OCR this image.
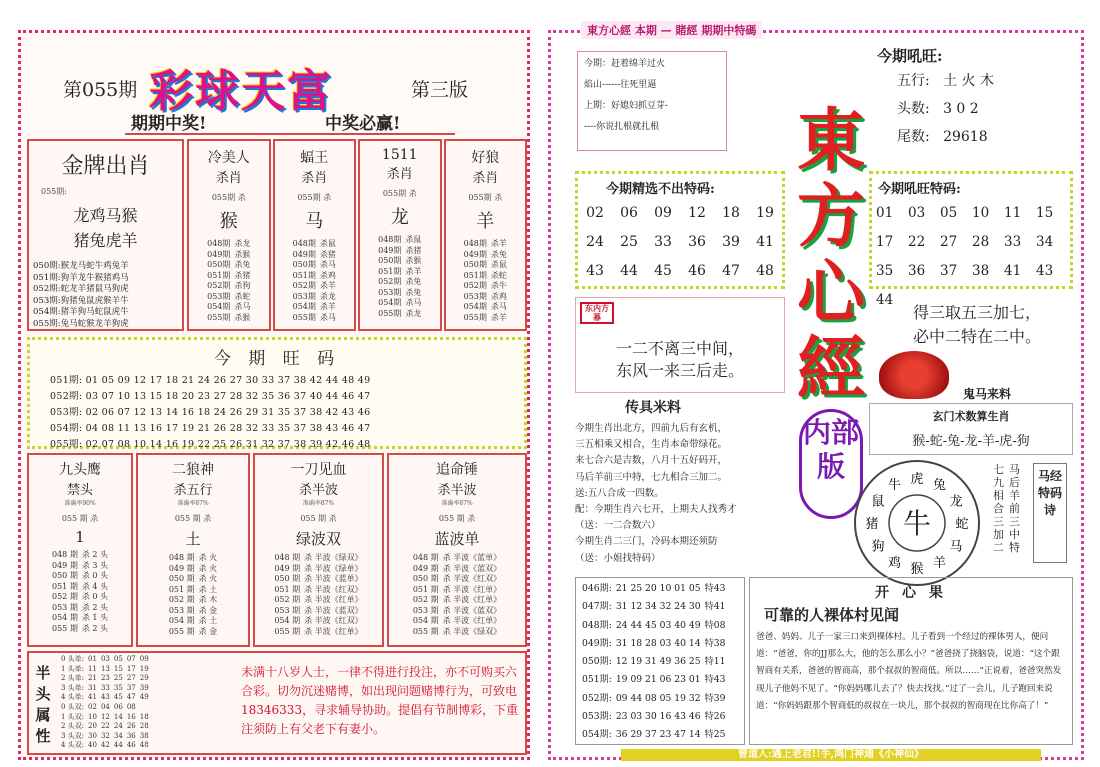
第055期 彩球天富	第三版
期期中奖!	中奖必赢!
金牌出肖
055期:
龙鸡马猴
猪兔虎羊
050期:猴龙马蛇牛鸡兔羊
051期:狗羊龙牛猴猪鸡马
052期:蛇龙羊猪鼠马狗虎
053期:狗猪兔鼠虎猴羊牛
054期:猪羊狗马蛇鼠虎牛
055期:兔马蛇猴龙羊狗虎
冷美人
杀肖
055期 杀
猴
048期	杀龙
049期	杀猴
050期	杀兔
051期	杀猪
052期	杀狗
053期	杀蛇
054期	杀马
055期	杀猴
蝠王
杀肖
055期 杀
马
048期	杀鼠
049期	杀猪
050期	杀马
051期	杀鸡
052期	杀羊
053期	杀龙
054期	杀羊
055期	杀马
1511
杀肖
055期 杀
龙
048期	杀鼠
049期	杀猪
050期	杀猴
051期	杀羊
052期	杀兔
053期	杀兔
054期	杀马
055期	杀龙
好狼
杀肖
055期 杀
羊
048期	杀羊
049期	杀兔
050期	杀鼠
051期	杀蛇
052期	杀牛
053期	杀鸡
054期	杀马
055期	杀羊
今 期 旺 码
051期: 01 05 09 12 17 18 21 24 26 27 30 33 37 38 42 44 48 49
052期: 03 07 10 13 15 18 20 23 27 28 32 35 36 37 40 44 46 47
053期: 02 06 07 12 13 14 16 18 24 26 29 31 35 37 38 42 43 46
054期: 04 08 11 13 16 17 19 21 26 28 32 33 35 37 38 43 46 47
055期: 02 07 08 10 14 16 19 22 25 26 31 32 37 38 39 42 46 48
九头鹰
禁头
准确率90%
055 期 杀
1
048 期	杀 2 头
049 期	杀 3 头
050 期	杀 0 头
051 期	杀 4 头
052 期	杀 0 头
053 期	杀 2 头
054 期	杀 1 头
055 期	杀 2 头
二狼神
杀五行
准确率87%
055 期 杀
土
048 期	杀 火
049 期	杀 火
050 期	杀 火
051 期	杀 土
052 期	杀 木
053 期	杀 金
054 期	杀 土
055 期	杀 金
一刀见血
杀半波
准确率87%
055 期 杀
绿波双
048 期	杀 半波《绿双》
049 期	杀 半波《绿单》
050 期	杀 半波《蓝单》
051 期	杀 半波《红双》
052 期	杀 半波《红单》
053 期	杀 半波《蓝双》
054 期	杀 半波《红双》
055 期	杀 半波《红单》
追命锤
杀半波
准确率87%
055 期 杀
蓝波单
048 期	杀 半波《蓝单》
049 期	杀 半波《蓝双》
050 期	杀 半波《红双》
051 期	杀 半波《红单》
052 期	杀 半波《红单》
053 期	杀 半波《蓝双》
054 期	杀 半波《红单》
055 期	杀 半波《绿双》
半头属性
0 头单:	01	03	05	07	09
1 头单:	11	13	15	17	19
2 头单:	21	23	25	27	29
3 头单:	31	33	35	37	39
4 头单:	41	43	45	47	49
0 头双:	02	04	06	08	
1 头双:	10	12	14	16	18
2 头双:	20	22	24	26	28
3 头双:	30	32	34	36	38
4 头双:	40	42	44	46	48
未满十八岁人士，一律不得进行投注，亦不可购买六合彩。切勿沉迷赌博，如出现问题赌博行为，可致电18346333，寻求辅导协助。提倡有节制博彩，下重注须防上有父老下有妻小。
東方心經 本期 — 賭經 期期中特碼
今期：赶着绵羊过火
焰山------往死里逼
上期：好媳妇抓豆芽-
----你说扎根就扎根
今期吼旺:
五行: 土 火 木
头数: 3 0 2
尾数: 29618
東方心經
内部版
今期精选不出特码:
02	06	09	12	18	19
24	25	33	36	39	41
43	44	45	46	47	48
今期吼旺特码:
01	03	05	10	11	15
17	22	27	28	33	34
35	36	37	38	41	43
44
东内方幕
一二不离三中间，
东风一来三后走。
得三取五三加七，
必中二特在二中。
鬼马来料
玄门术数算生肖
猴-蛇-兔-龙-羊-虎-狗
传具米料
今期生肖出北方，四前九后有玄机，
三五相乘又相合，生肖本命带绿花。
来七合六是吉数，八月十五好码开，
马后羊前三中特，七九相合三加二。
送:五八合成一四数。
配：今期生肖六七开，上期夫人找秀才
（送：一二合数六）
今期生肖二三门，冷码本期还须防
（送：小姐找特码）
虎 兔
龙
蛇
马
羊
猴
鸡
狗
猪
鼠
牛
牛
七九相合三加二
马后羊前三中特
马经特码诗
046期:	21 25 20 10 01 05	特43
047期:	31 12 34 32 24 30	特41
048期:	24 44 45 03 40 49	特08
049期:	31 18 28 03 40 14	特38
050期:	12 19 31 49 36 25	特11
051期:	19 09 21 06 23 01	特43
052期:	09 44 08 05 19 32	特39
053期:	23 03 30 16 43 46	特26
054期:	36 29 37 23 47 14	特25
开 心 果
可靠的人裸体村见闻
爸爸、妈妈、儿子一家三口来到裸体村。儿子看到一个经过的裸体男人，便问道：“爸爸，你的JJ那么大，他的怎么那么小？”爸爸挠了挠脑袋，说道：“这个跟智商有关系，爸爸的智商高，那个叔叔的智商低。所以……”正说着，爸爸突然发现儿子他妈不见了。“你妈妈哪儿去了？快去找找。”过了一会儿，儿子跑回来说道：“你妈妈跟那个智商低的叔叔在一块儿，那个叔叔的智商现在比你高了！”
曾道人:遇上老君!!手,鸿门神通《小神仙》
